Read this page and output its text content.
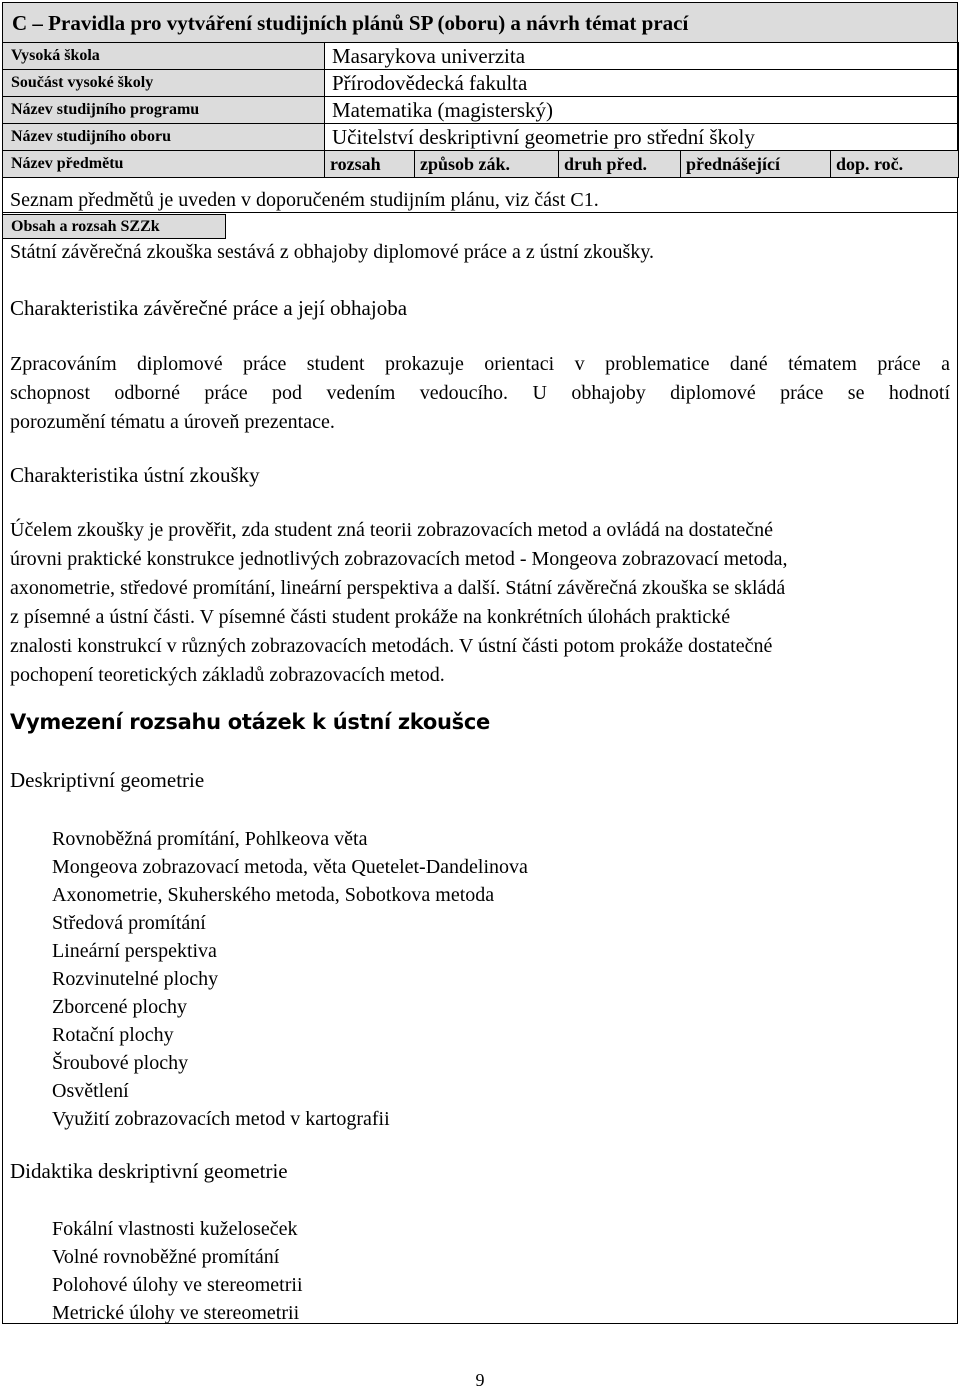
C – Pravidla pro vytváření studijních plánů SP (oboru) a návrh témat prací
Vysoká škola	Masarykova univerzita				
Součást vysoké školy	Přírodovědecká fakulta				
Název studijního programu	Matematika (magisterský)				
Název studijního oboru	Učitelství deskriptivní geometrie pro střední školy				
Název předmětu	rozsah	způsob zák.	druh před.	přednášející	dop. roč.
Seznam předmětů je uveden v doporučeném studijním plánu, viz část C1.
Obsah a rozsah SZZk
Státní závěrečná zkouška sestává z obhajoby diplomové práce a z ústní zkoušky.
Charakteristika závěrečné práce a její obhajoba
Zpracováním diplomové práce student prokazuje orientaci v problematice dané tématem práce a
schopnost odborné práce pod vedením vedoucího. U obhajoby diplomové práce se hodnotí
porozumění tématu a úroveň prezentace.
Charakteristika ústní zkoušky
Účelem zkoušky je prověřit, zda student zná teorii zobrazovacích metod a ovládá na dostatečné
úrovni praktické konstrukce jednotlivých zobrazovacích metod - Mongeova zobrazovací metoda,
axonometrie, středové promítání, lineární perspektiva a další. Státní závěrečná zkouška se skládá
z písemné a ústní části. V písemné části student prokáže na konkrétních úlohách praktické
znalosti konstrukcí v různých zobrazovacích metodách. V ústní části potom prokáže dostatečné
pochopení teoretických základů zobrazovacích metod.
Vymezení rozsahu otázek k ústní zkoušce
Deskriptivní geometrie
Rovnoběžná promítání, Pohlkeova věta
Mongeova zobrazovací metoda, věta Quetelet-Dandelinova
Axonometrie, Skuherského metoda, Sobotkova metoda
Středová promítání
Lineární perspektiva
Rozvinutelné plochy
Zborcené plochy
Rotační plochy
Šroubové plochy
Osvětlení
Využití zobrazovacích metod v kartografii
Didaktika deskriptivní geometrie
Fokální vlastnosti kuželoseček
Volné rovnoběžné promítání
Polohové úlohy ve stereometrii
Metrické úlohy ve stereometrii
9
